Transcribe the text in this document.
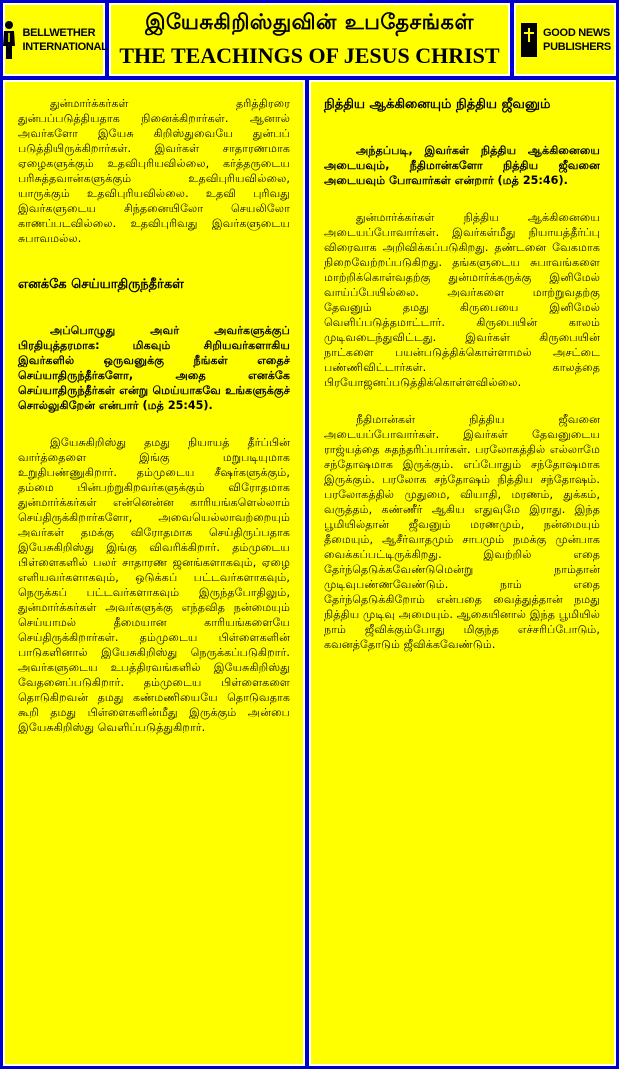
BELLWETHER
INTERNATIONAL
இயேசுகிறிஸ்துவின் உபதேசங்கள்
THE TEACHINGS OF JESUS CHRIST
GOOD NEWS
PUBLISHERS

துன்மார்க்கர்கள் தரித்திரரை துன்பப்படுத்தியதாக நினைக்கிறார்கள். ஆனால் அவர்களோ இயேசு கிறிஸ்துவையே துன்பப் படுத்தியிருக்கிறார்கள். இவர்கள் சாதாரணமாக ஏழைகளுக்கும் உதவிபுரியவில்லை, கர்த்தருடைய பரிசுத்தவான்களுக்கும் உதவிபுரியவில்லை, யாருக்கும் உதவிபுரியவில்லை. உதவி புரிவது இவர்களுடைய சிந்தனையிலோ செயலிலோ காணப்படவில்லை. உதவிபுரிவது இவர்களுடைய சுபாவமல்ல.

எனக்கே செய்யாதிருந்தீர்கள்

அப்பொழுது அவர் அவர்களுக்குப் பிரதியுத்தரமாக: மிகவும் சிறியவர்களாகிய இவர்களில் ஒருவனுக்கு நீங்கள் எதைச் செய்யாதிருந்தீர்களோ, அதை எனக்கே செய்யாதிருந்தீர்கள் என்று மெய்யாகவே உங்களுக்குச் சொல்லுகிறேன் என்பார் (மத் 25:45).

இயேசுகிறிஸ்து தமது நியாயத் தீர்ப்பின் வார்த்தைளை இங்கு மறுபடியுமாக உறுதிபண்ணுகிறார். தம்முடைய சீஷர்களுக்கும், தம்மை பின்பற்றுகிறவர்களுக்கும் விரோதமாக துன்மார்க்கர்கள் என்னென்ன காரியங்களெல்லாம் செய்திருக்கிறார்களோ, அவையெல்லாவற்றையும் அவர்கள் தமக்கு விரோதமாக செய்திருப்பதாக இயேசுகிறிஸ்து இங்கு விவரிக்கிறார். தம்முடைய பிள்ளைகளில் பலர் சாதாரண ஜனங்களாகவும், ஏழை எளியவர்களாகவும், ஒடுக்கப் பட்டவர்களாகவும், நெருக்கப் பட்டவர்களாகவும் இருந்தபோதிலும், துன்மார்க்கர்கள் அவர்களுக்கு எந்தவித நன்மையும் செய்யாமல் தீமையான காரியங்களையே செய்திருக்கிறார்கள். தம்முடைய பிள்ளைகளின் பாடுகளினால் இயேசுகிறிஸ்து நெருக்கப்படுகிறார். அவர்களுடைய உபத்திரவங்களில் இயேசுகிறிஸ்து வேதனைப்படுகிறார். தம்முடைய பிள்ளைகளை தொடுகிறவன் தமது கண்மணியையே தொடுவதாக கூறி தமது பிள்ளைகளின்மீது இருக்கும் அன்பை இயேசுகிறிஸ்து வெளிப்படுத்துகிறார்.

நித்திய ஆக்கினையும் நித்திய ஜீவனும்

அந்தப்படி, இவர்கள் நித்திய ஆக்கினையை அடையவும், நீதிமான்களோ நித்திய ஜீவனை அடையவும் போவார்கள் என்றார் (மத் 25:46).

துன்மார்க்கர்கள் நித்திய ஆக்கினையை அடையப்போவார்கள். இவர்கள்மீது நியாயத்தீர்ப்பு விரைவாக அறிவிக்கப்படுகிறது. தண்டனை வேகமாக நிறைவேற்றப்படுகிறது. தங்களுடைய சுபாவங்களை மாற்றிக்கொள்வதற்கு துன்மார்க்கருக்கு இனிமேல் வாய்ப்பேயில்லை. அவர்களை மாற்றுவதற்கு தேவனும் தமது கிருபையை இனிமேல் வெளிப்படுத்தமாட்டார். கிருபையின் காலம் முடிவடைந்துவிட்டது. இவர்கள் கிருபையின் நாட்களை பயன்படுத்திக்கொள்ளாமல் அசட்டை பண்ணிவிட்டார்கள். காலத்தை பிரயோஜனப்படுத்திக்கொள்ளவில்லை.

நீதிமான்கள் நித்திய ஜீவனை அடையப்போவார்கள். இவர்கள் தேவனுடைய ராஜ்யத்தை சுதந்தரிப்பார்கள். பரலோகத்தில் எல்லாமே சந்தோஷமாக இருக்கும். எப்போதும் சந்தோஷமாக இருக்கும். பரலோக சந்தோஷம் நித்திய சந்தோஷம். பரலோகத்தில் முதுமை, வியாதி, மரணம், துக்கம், வருத்தம், கண்ணீர் ஆகிய எதுவுமே இராது. இந்த பூமியில்தான் ஜீவனும் மரணமும், நன்மையும் தீமையும், ஆசீர்வாதமும் சாபமும் நமக்கு முன்பாக வைக்கப்பட்டிருக்கிறது. இவற்றில் எதை தேர்ந்தெடுக்கவேண்டுமென்று நாம்தான் முடிவுபண்ணவேண்டும். நாம் எதை தேர்ந்தெடுக்கிறோம் என்பதை வைத்துத்தான் நமது நித்திய முடிவு அமையும். ஆகையினால் இந்த பூமியில் நாம் ஜீவிக்கும்போது மிகுந்த எச்சரிப்போடும், கவனத்தோடும் ஜீவிக்கவேண்டும்.
